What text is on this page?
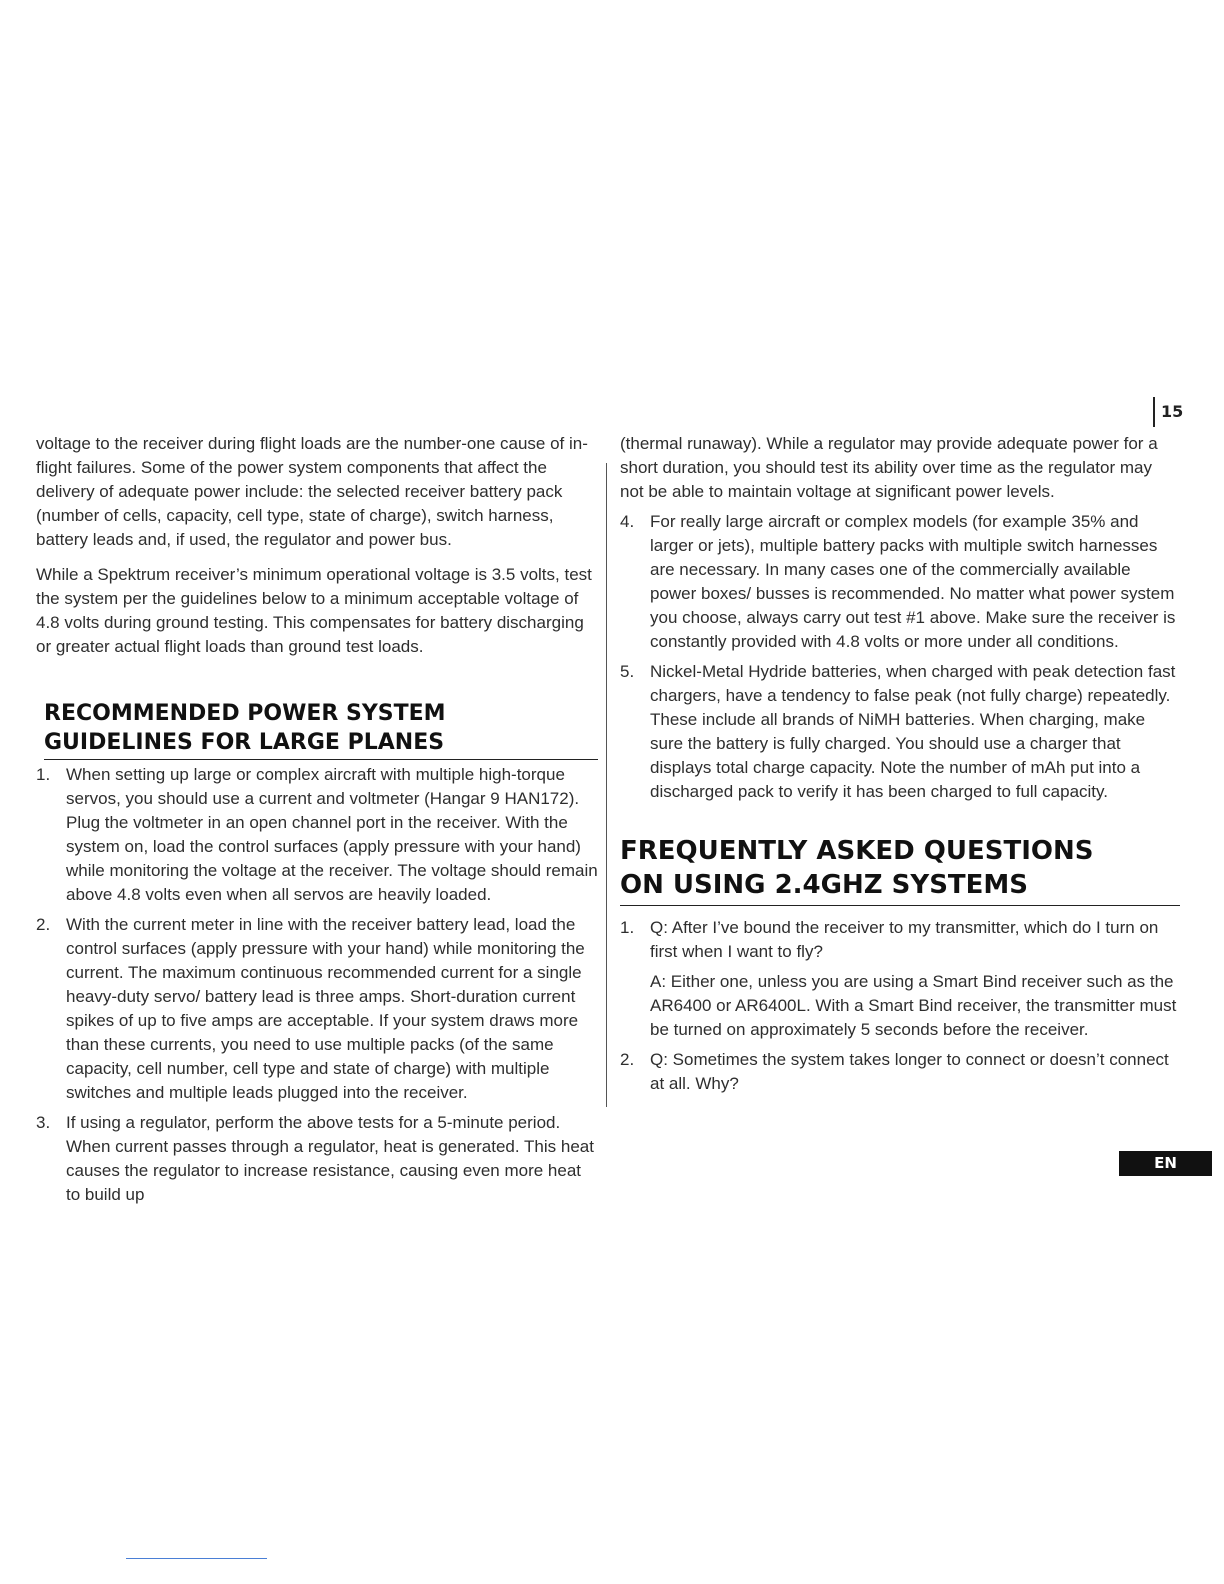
15

voltage to the receiver during flight loads are the number-one cause of in-flight failures. Some of the power system components that affect the delivery of adequate power include: the selected receiver battery pack (number of cells, capacity, cell type, state of charge), switch harness, battery leads and, if used, the regulator and power bus.

While a Spektrum receiver’s minimum operational voltage is 3.5 volts, test the system per the guidelines below to a minimum acceptable voltage of 4.8 volts during ground testing. This compensates for battery discharging or greater actual flight loads than ground test loads.

RECOMMENDED POWER SYSTEM
GUIDELINES FOR LARGE PLANES
1. When setting up large or complex aircraft with multiple high-torque servos, you should use a current and voltmeter (Hangar 9 HAN172). Plug the voltmeter in an open channel port in the receiver. With the system on, load the control surfaces (apply pressure with your hand) while monitoring the voltage at the receiver. The voltage should remain above 4.8 volts even when all servos are heavily loaded.

2. With the current meter in line with the receiver battery lead, load the control surfaces (apply pressure with your hand) while monitoring the current. The maximum continuous recommended current for a single heavy-duty servo/ battery lead is three amps. Short-duration current spikes of up to five amps are acceptable. If your system draws more than these currents, you need to use multiple packs (of the same capacity, cell number, cell type and state of charge) with multiple switches and multiple leads plugged into the receiver.

3. If using a regulator, perform the above tests for a 5-minute period. When current passes through a regulator, heat is generated. This heat causes the regulator to increase resistance, causing even more heat to build up

(thermal runaway). While a regulator may provide adequate power for a short duration, you should test its ability over time as the regulator may not be able to maintain voltage at significant power levels.

4. For really large aircraft or complex models (for example 35% and larger or jets), multiple battery packs with multiple switch harnesses are necessary. In many cases one of the commercially available power boxes/ busses is recommended. No matter what power system you choose, always carry out test #1 above. Make sure the receiver is constantly provided with 4.8 volts or more under all conditions.

5. Nickel-Metal Hydride batteries, when charged with peak detection fast chargers, have a tendency to false peak (not fully charge) repeatedly. These include all brands of NiMH batteries. When charging, make sure the battery is fully charged. You should use a charger that displays total charge capacity. Note the number of mAh put into a discharged pack to verify it has been charged to full capacity.

FREQUENTLY ASKED QUESTIONS
ON USING 2.4GHZ SYSTEMS
1. Q: After I’ve bound the receiver to my transmitter, which do I turn on first when I want to fly?

A: Either one, unless you are using a Smart Bind receiver such as the AR6400 or AR6400L. With a Smart Bind receiver, the transmitter must be turned on approximately 5 seconds before the receiver.

2. Q: Sometimes the system takes longer to connect or doesn’t connect at all. Why?

EN
